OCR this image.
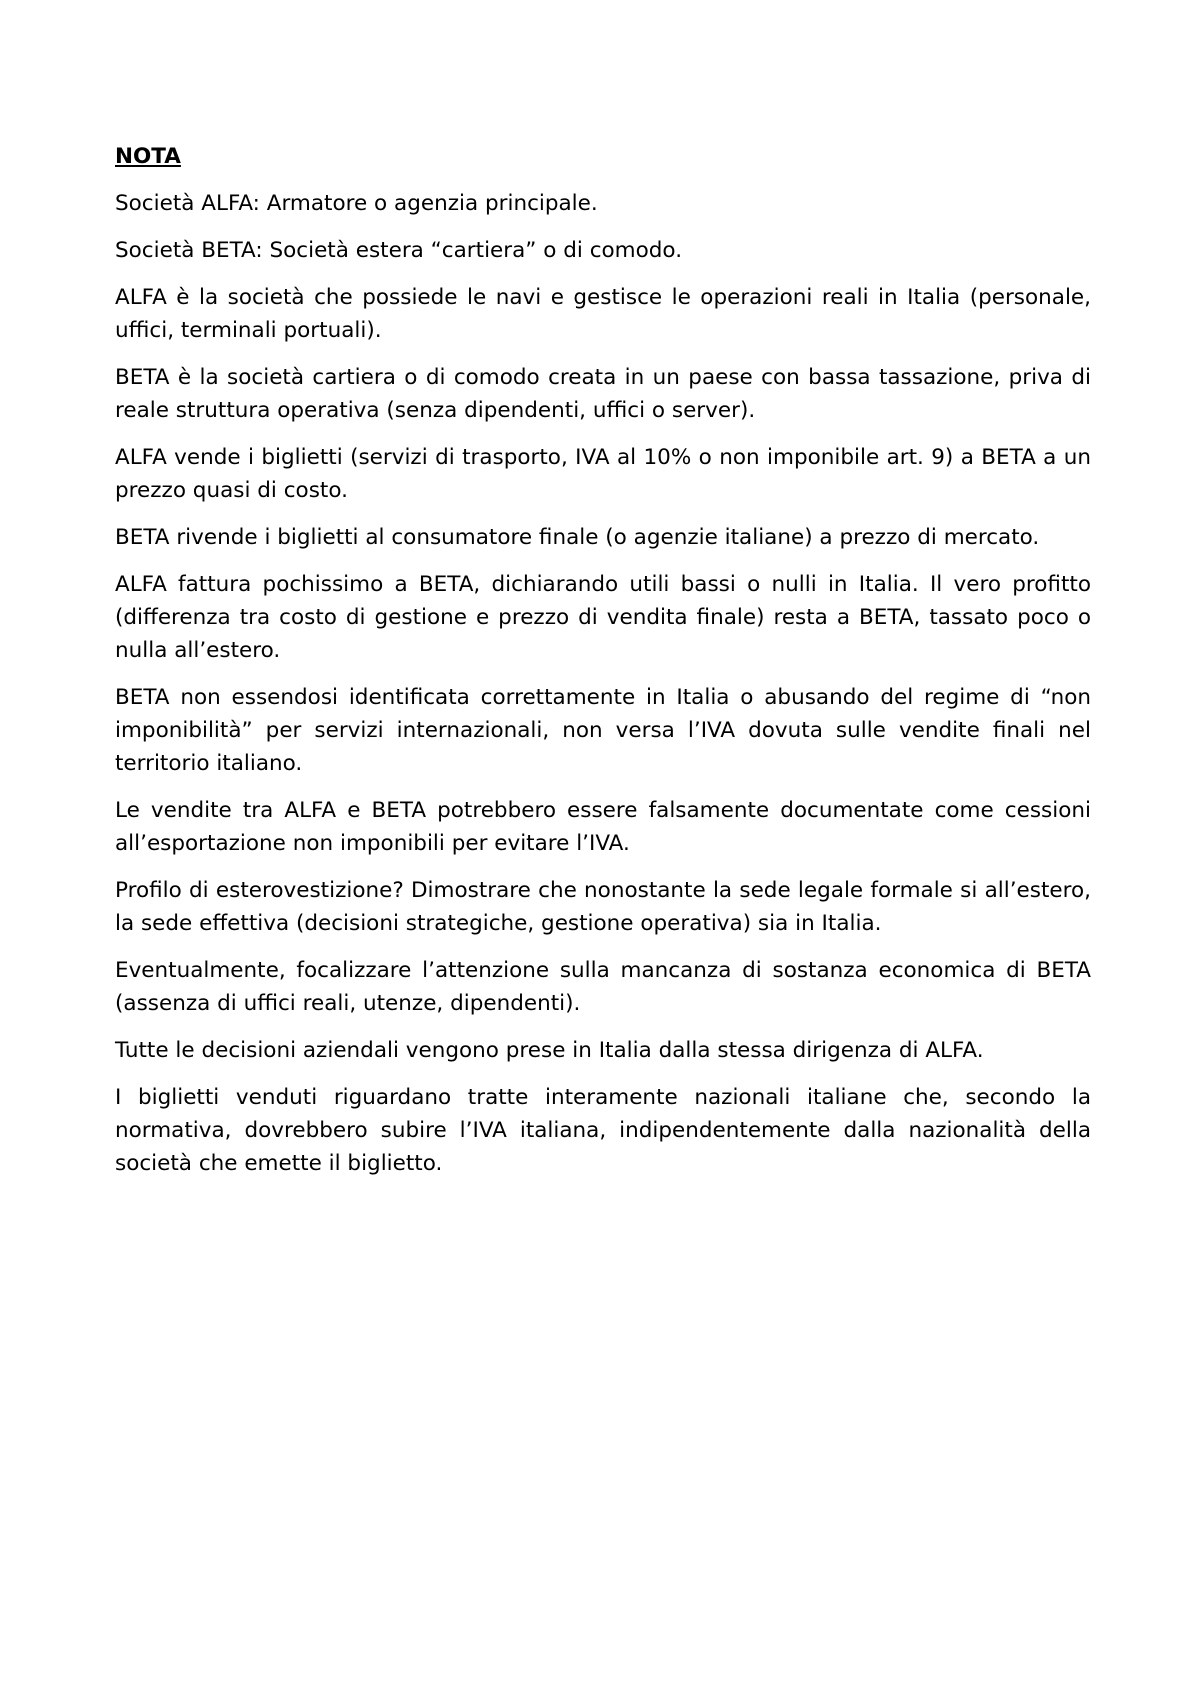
NOTA

Società ALFA: Armatore o agenzia principale.

Società BETA: Società estera “cartiera” o di comodo.

ALFA è la società che possiede le navi e gestisce le operazioni reali in Italia (personale, uffici, terminali portuali).

BETA è la società cartiera o di comodo creata in un paese con bassa tassazione, priva di reale struttura operativa (senza dipendenti, uffici o server).

ALFA vende i biglietti (servizi di trasporto, IVA al 10% o non imponibile art. 9) a BETA a un prezzo quasi di costo.

BETA rivende i biglietti al consumatore finale (o agenzie italiane) a prezzo di mercato.

ALFA fattura pochissimo a BETA, dichiarando utili bassi o nulli in Italia. Il vero profitto (differenza tra costo di gestione e prezzo di vendita finale) resta a BETA, tassato poco o nulla all’estero.

BETA non essendosi identificata correttamente in Italia o abusando del regime di “non imponibilità” per servizi internazionali, non versa l’IVA dovuta sulle vendite finali nel territorio italiano.

Le vendite tra ALFA e BETA potrebbero essere falsamente documentate come cessioni all’esportazione non imponibili per evitare l’IVA.

Profilo di esterovestizione? Dimostrare che nonostante la sede legale formale si all’estero, la sede effettiva (decisioni strategiche, gestione operativa) sia in Italia.

Eventualmente, focalizzare l’attenzione sulla mancanza di sostanza economica di BETA (assenza di uffici reali, utenze, dipendenti).

Tutte le decisioni aziendali vengono prese in Italia dalla stessa dirigenza di ALFA.

I biglietti venduti riguardano tratte interamente nazionali italiane che, secondo la normativa, dovrebbero subire l’IVA italiana, indipendentemente dalla nazionalità della società che emette il biglietto.
